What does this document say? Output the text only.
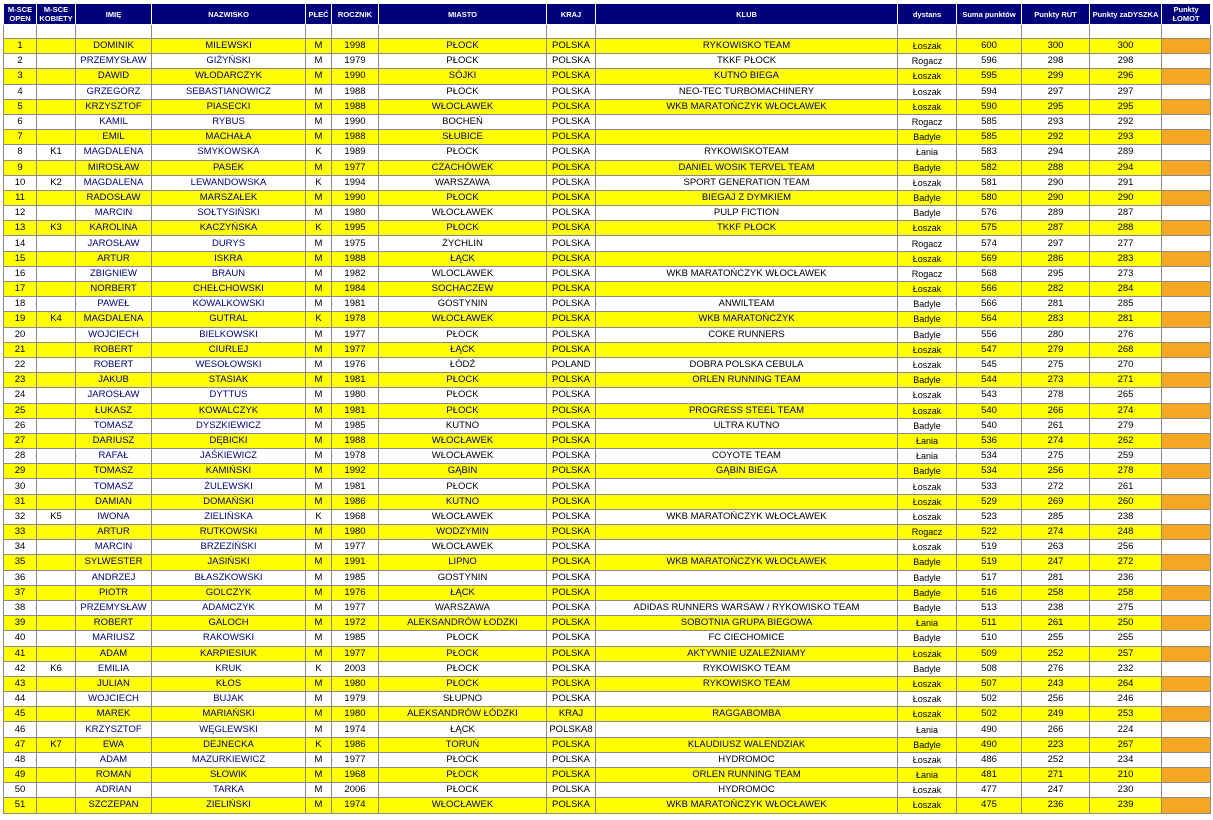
M-SCE OPEN	M-SCE KOBIETY	IMIĘ	NAZWISKO	PŁEĆ	ROCZNIK	MIASTO	KRAJ	KLUB	dystans	Suma punktów	Punkty RUT	Punkty zaDYSZKA	Punkty ŁOMOT

1		DOMINIK	MILEWSKI	M	1998	PŁOCK	POLSKA	RYKOWISKO TEAM	Łoszak	600	300	300	
2		PRZEMYSŁAW	GIŻYŃSKI	M	1979	PŁOCK	POLSKA	TKKF PŁOCK	Rogacz	596	298	298	
3		DAWID	WŁODARCZYK	M	1990	SÓJKI	POLSKA	KUTNO BIEGA	Łoszak	595	299	296	
4		GRZEGORZ	SEBASTIANOWICZ	M	1988	PŁOCK	POLSKA	NEO-TEC TURBOMACHINERY	Łoszak	594	297	297	
5		KRZYSZTOF	PIASECKI	M	1988	WŁOCŁAWEK	POLSKA	WKB MARATOŃCZYK WŁOCŁAWEK	Łoszak	590	295	295	
6		KAMIL	RYBUS	M	1990	BOCHEŃ	POLSKA		Rogacz	585	293	292	
7		EMIL	MACHAŁA	M	1988	SŁUBICE	POLSKA		Badyle	585	292	293	
8	K1	MAGDALENA	SMYKOWSKA	K	1989	PŁOCK	POLSKA	RYKOWISKOTEAM	Łania	583	294	289	
9		MIROSŁAW	PASEK	M	1977	CZACHÓWEK	POLSKA	DANIEL WOSIK TERVEL TEAM	Badyle	582	288	294	
10	K2	MAGDALENA	LEWANDOWSKA	K	1994	WARSZAWA	POLSKA	SPORT GENERATION TEAM	Łoszak	581	290	291	
11		RADOSŁAW	MARSZAŁEK	M	1990	PŁOCK	POLSKA	BIEGAJ Z DYMKIEM	Badyle	580	290	290	
12		MARCIN	SOŁTYSIŃSKI	M	1980	WŁOCŁAWEK	POLSKA	PULP FICTION	Badyle	576	289	287	
13	K3	KAROLINA	KACZYŃSKA	K	1995	PŁOCK	POLSKA	TKKF PŁOCK	Łoszak	575	287	288	
14		JAROSŁAW	DURYS	M	1975	ŻYCHLIN	POLSKA		Rogacz	574	297	277	
15		ARTUR	ISKRA	M	1988	ŁĄCK	POLSKA		Łoszak	569	286	283	
16		ZBIGNIEW	BRAUN	M	1982	WLOCLAWEK	POLSKA	WKB MARATOŃCZYK WŁOCŁAWEK	Rogacz	568	295	273	
17		NORBERT	CHEŁCHOWSKI	M	1984	SOCHACZEW	POLSKA		Łoszak	566	282	284	
18		PAWEŁ	KOWALKOWSKI	M	1981	GOSTYNIN	POLSKA	ANWILTEAM	Badyle	566	281	285	
19	K4	MAGDALENA	GUTRAL	K	1978	WŁOCŁAWEK	POLSKA	WKB MARATOŃCZYK	Badyle	564	283	281	
20		WOJCIECH	BIELKOWSKI	M	1977	PŁOCK	POLSKA	COKE RUNNERS	Badyle	556	280	276	
21		ROBERT	CIURLEJ	M	1977	ŁĄCK	POLSKA		Łoszak	547	279	268	
22		ROBERT	WESOŁOWSKI	M	1976	ŁÓDŹ	POLAND	DOBRA POLSKA CEBULA	Łoszak	545	275	270	
23		JAKUB	STASIAK	M	1981	PŁOCK	POLSKA	ORLEN RUNNING TEAM	Badyle	544	273	271	
24		JAROSŁAW	DYTTUS	M	1980	PŁOCK	POLSKA		Łoszak	543	278	265	
25		ŁUKASZ	KOWALCZYK	M	1981	PŁOCK	POLSKA	PROGRESS STEEL TEAM	Łoszak	540	266	274	
26		TOMASZ	DYSZKIEWICZ	M	1985	KUTNO	POLSKA	ULTRA KUTNO	Badyle	540	261	279	
27		DARIUSZ	DĘBICKI	M	1988	WŁOCŁAWEK	POLSKA		Łania	536	274	262	
28		RAFAŁ	JAŚKIEWICZ	M	1978	WŁOCŁAWEK	POLSKA	COYOTE TEAM	Łania	534	275	259	
29		TOMASZ	KAMIŃSKI	M	1992	GĄBIN	POLSKA	GĄBIN BIEGA	Badyle	534	256	278	
30		TOMASZ	ŻULEWSKI	M	1981	PŁOCK	POLSKA		Łoszak	533	272	261	
31		DAMIAN	DOMAŃSKI	M	1986	KUTNO	POLSKA		Łoszak	529	269	260	
32	K5	IWONA	ZIELIŃSKA	K	1968	WŁOCŁAWEK	POLSKA	WKB MARATOŃCZYK WŁOCŁAWEK	Łoszak	523	285	238	
33		ARTUR	RUTKOWSKI	M	1980	WODZYMIN	POLSKA		Rogacz	522	274	248	
34		MARCIN	BRZEZIŃSKI	M	1977	WŁOCŁAWEK	POLSKA		Łoszak	519	263	256	
35		SYLWESTER	JASIŃSKI	M	1991	LIPNO	POLSKA	WKB MARATOŃCZYK WŁOCŁAWEK	Badyle	519	247	272	
36		ANDRZEJ	BŁASZKOWSKI	M	1985	GOSTYNIN	POLSKA		Badyle	517	281	236	
37		PIOTR	GOLCZYK	M	1976	ŁĄCK	POLSKA		Badyle	516	258	258	
38		PRZEMYSŁAW	ADAMCZYK	M	1977	WARSZAWA	POLSKA	ADIDAS RUNNERS WARSAW / RYKOWISKO TEAM	Badyle	513	238	275	
39		ROBERT	GALOCH	M	1972	ALEKSANDRÓW ŁODZKI	POLSKA	SOBOTNIA GRUPA BIEGOWA	Łania	511	261	250	
40		MARIUSZ	RAKOWSKI	M	1985	PŁOCK	POLSKA	FC CIECHOMICE	Badyle	510	255	255	
41		ADAM	KARPIESIUK	M	1977	PŁOCK	POLSKA	AKTYWNIE UZALEŻNIAMY	Łoszak	509	252	257	
42	K6	EMILIA	KRUK	K	2003	PŁOCK	POLSKA	RYKOWISKO TEAM	Badyle	508	276	232	
43		JULIAN	KŁOS	M	1980	PŁOCK	POLSKA	RYKOWISKO TEAM	Łoszak	507	243	264	
44		WOJCIECH	BUJAK	M	1979	SŁUPNO	POLSKA		Łoszak	502	256	246	
45		MAREK	MARIAŃSKI	M	1980	ALEKSANDRÓW ŁÓDZKI	KRAJ	RAGGABOMBA	Łoszak	502	249	253	
46		KRZYSZTOF	WĘGLEWSKI	M	1974	ŁĄCK	POLSKA8		Łania	490	266	224	
47	K7	EWA	DEJNECKA	K	1986	TORUŃ	POLSKA	KLAUDIUSZ WALENDZIAK	Badyle	490	223	267	
48		ADAM	MAZURKIEWICZ	M	1977	PŁOCK	POLSKA	HYDROMOC	Łoszak	486	252	234	
49		ROMAN	SŁOWIK	M	1968	PŁOCK	POLSKA	ORLEN RUNNING TEAM	Łania	481	271	210	
50		ADRIAN	TARKA	M	2006	PŁOCK	POLSKA	HYDROMOC	Łoszak	477	247	230	
51		SZCZEPAN	ZIELIŃSKI	M	1974	WŁOCŁAWEK	POLSKA	WKB MARATOŃCZYK WŁOCŁAWEK	Łoszak	475	236	239	
